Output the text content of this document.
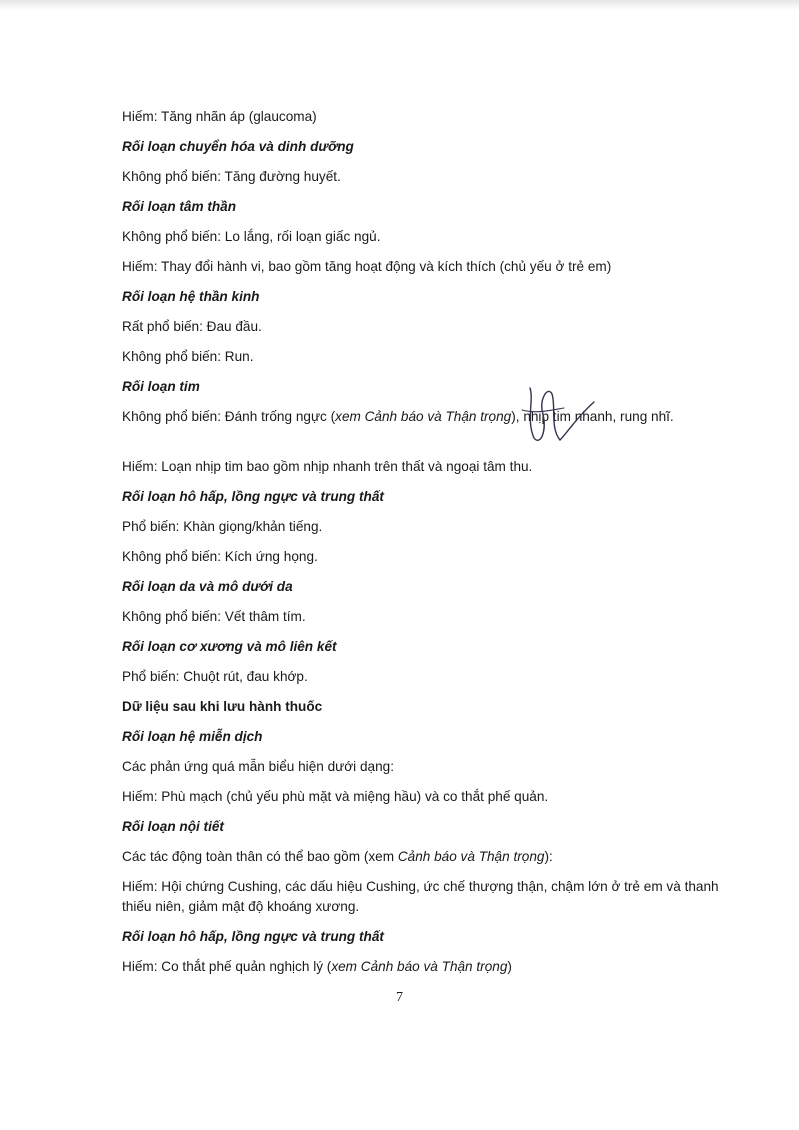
Hiếm: Tăng nhãn áp (glaucoma)
Rối loạn chuyển hóa và dinh dưỡng
Không phổ biến: Tăng đường huyết.
Rối loạn tâm thần
Không phổ biến: Lo lắng, rối loạn giấc ngủ.
Hiếm: Thay đổi hành vi, bao gồm tăng hoạt động và kích thích (chủ yếu ở trẻ em)
Rối loạn hệ thần kinh
Rất phổ biến: Đau đầu.
Không phổ biến: Run.
Rối loạn tim
Không phổ biến: Đánh trống ngực (xem Cảnh báo và Thận trọng), nhịp tim nhanh, rung nhĩ.
Hiếm: Loạn nhịp tim bao gồm nhịp nhanh trên thất và ngoại tâm thu.
Rối loạn hô hấp, lồng ngực và trung thất
Phổ biến: Khàn giọng/khản tiếng.
Không phổ biến: Kích ứng họng.
Rối loạn da và mô dưới da
Không phổ biến: Vết thâm tím.
Rối loạn cơ xương và mô liên kết
Phổ biến: Chuột rút, đau khớp.
Dữ liệu sau khi lưu hành thuốc
Rối loạn hệ miễn dịch
Các phản ứng quá mẫn biểu hiện dưới dạng:
Hiếm: Phù mạch (chủ yếu phù mặt và miệng hầu) và co thắt phế quản.
Rối loạn nội tiết
Các tác động toàn thân có thể bao gồm (xem Cảnh báo và Thận trọng):
Hiếm: Hội chứng Cushing, các dấu hiệu Cushing, ức chế thượng thận, chậm lớn ở trẻ em và thanh thiếu niên, giảm mật độ khoáng xương.
Rối loạn hô hấp, lồng ngực và trung thất
Hiếm: Co thắt phế quản nghịch lý (xem Cảnh báo và Thận trọng)
7
